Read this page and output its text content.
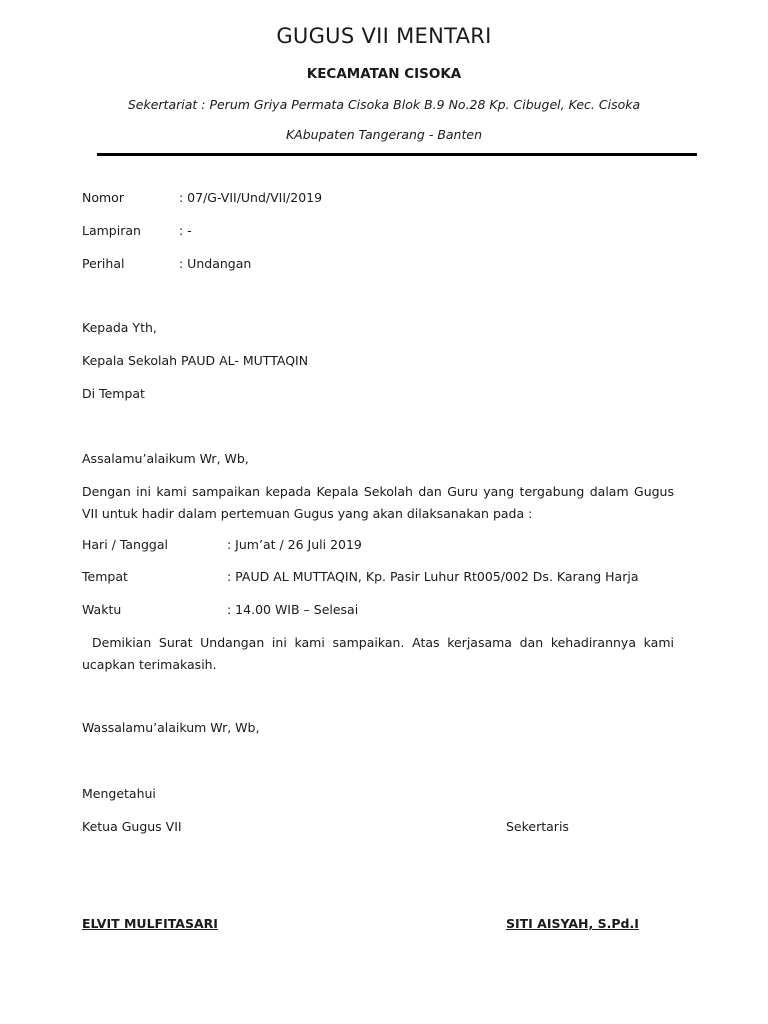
GUGUS VII MENTARI
KECAMATAN CISOKA
Sekertariat : Perum Griya Permata Cisoka Blok B.9 No.28 Kp. Cibugel, Kec. Cisoka
KAbupaten Tangerang - Banten
Nomor	: 07/G-VII/Und/VII/2019
Lampiran	: -
Perihal	: Undangan
Kepada Yth,
Kepala Sekolah PAUD AL- MUTTAQIN
Di Tempat
Assalamu’alaikum Wr, Wb,
Dengan ini kami sampaikan kepada Kepala Sekolah dan Guru yang tergabung dalam Gugus VII untuk hadir dalam pertemuan Gugus yang akan dilaksanakan pada :
Hari / Tanggal	: Jum’at / 26 Juli 2019
Tempat	: PAUD AL MUTTAQIN, Kp. Pasir Luhur Rt005/002 Ds. Karang Harja
Waktu	: 14.00 WIB – Selesai
Demikian Surat Undangan ini kami sampaikan. Atas kerjasama dan kehadirannya kami ucapkan terimakasih.
Wassalamu’alaikum Wr, Wb,
Mengetahui
Ketua Gugus VII	Sekertaris
ELVIT MULFITASARI	SITI AISYAH, S.Pd.I
